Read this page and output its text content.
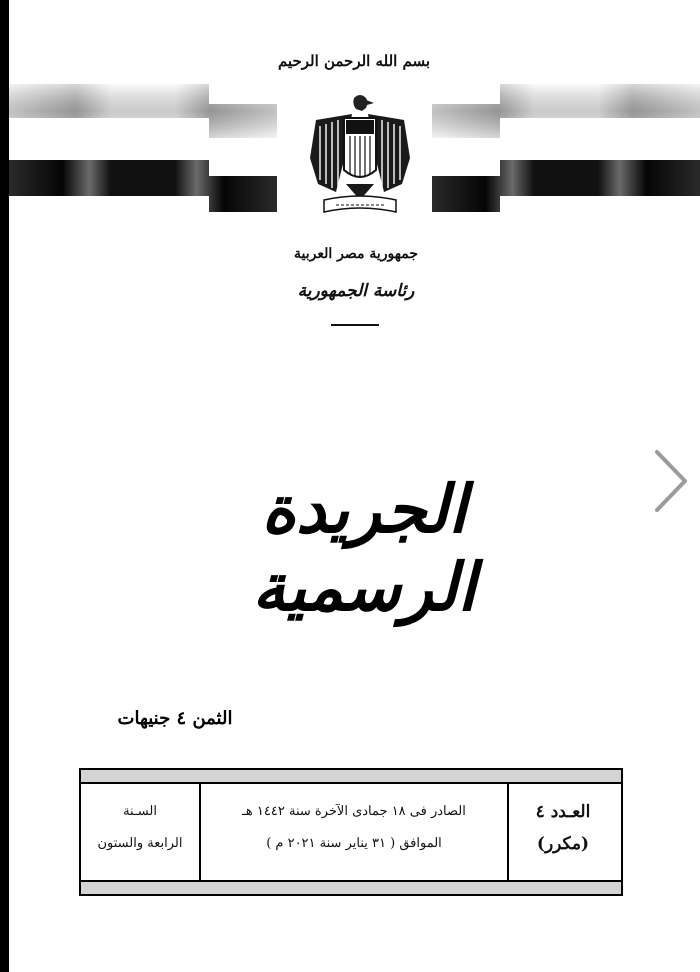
بسم الله الرحمن الرحيم
جمهورية مصر العربية
رئاسة الجمهورية
الجريدة الرسمية
الثمن ٤ جنيهات
العـدد ٤
(مكرر)
الصادر فى ١٨ جمادى الآخرة سنة ١٤٤٢ هـ
الموافق ( ٣١ يناير سنة ٢٠٢١ م )
السـنة
الرابعة والستون
